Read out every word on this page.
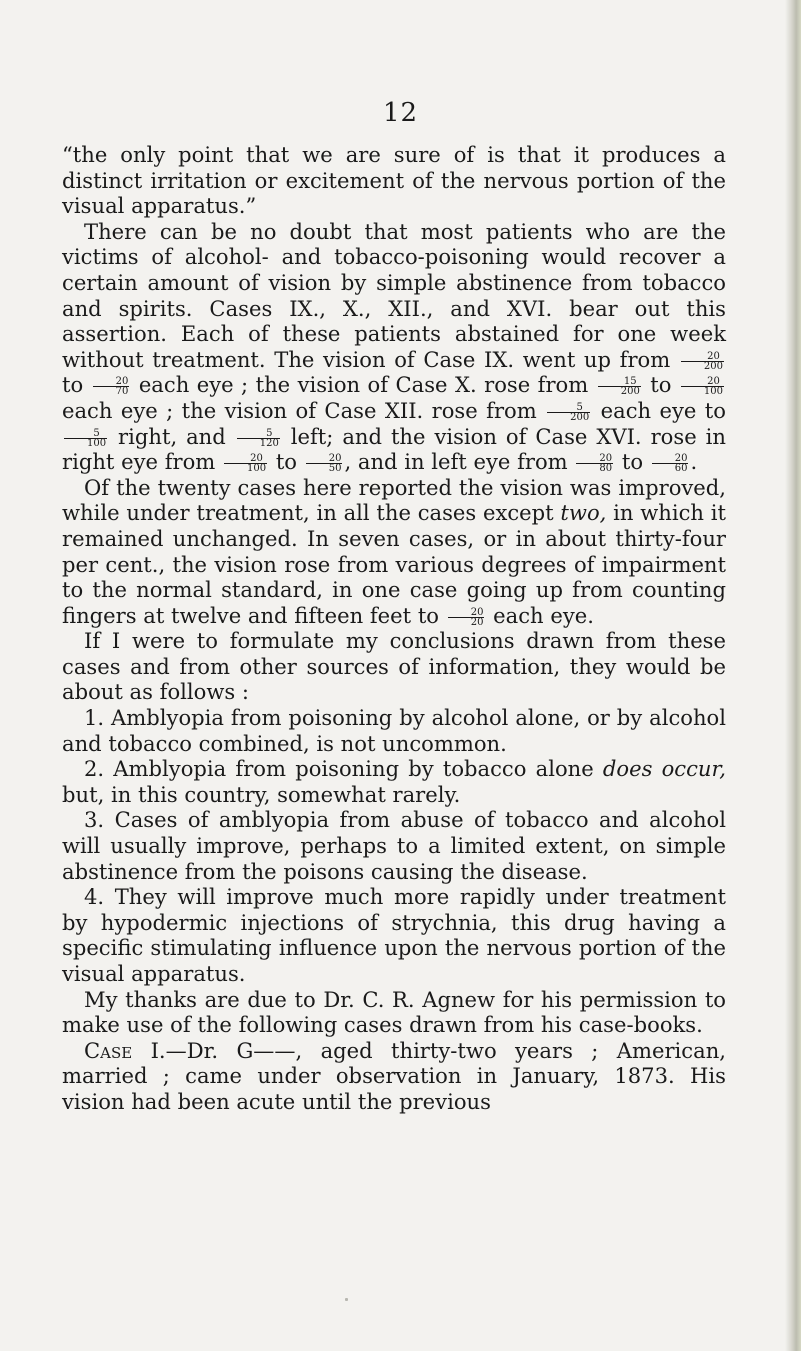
12

“the only point that we are sure of is that it produces a distinct irritation or excitement of the nervous portion of the visual apparatus.”

There can be no doubt that most patients who are the victims of alcohol- and tobacco-poisoning would recover a certain amount of vision by simple abstinence from tobacco and spirits. Cases IX., X., XII., and XVI. bear out this assertion. Each of these patients abstained for one week without treatment. The vision of Case IX. went up from $\frac{20}{200}$
to $\frac{20}{70}$ each eye ; the vision of Case X. rose from $\frac{15}{200}$ to $\frac{20}{100}$
each eye ; the vision of Case XII. rose from $\frac{5}{200}$ each eye to
$\frac{5}{100}$ right, and $\frac{5}{120}$ left; and the vision of Case XVI. rose in right eye from $\frac{20}{100}$ to $\frac{20}{50}$ , and in left eye from $\frac{20}{80}$ to $\frac{20}{60}$ .

Of the twenty cases here reported the vision was improved, while under treatment, in all the cases except two, in which it remained unchanged. In seven cases, or in about thirty-four per cent., the vision rose from various degrees of impairment to the normal standard, in one case going up from counting fingers at twelve and fifteen feet to $\frac{20}{20}$ each eye.

If I were to formulate my conclusions drawn from these cases and from other sources of information, they would be about as follows :

1. Amblyopia from poisoning by alcohol alone, or by alcohol and tobacco combined, is not uncommon.

2. Amblyopia from poisoning by tobacco alone does occur, but, in this country, somewhat rarely.

3. Cases of amblyopia from abuse of tobacco and alcohol will usually improve, perhaps to a limited extent, on simple abstinence from the poisons causing the disease.

4. They will improve much more rapidly under treatment by hypodermic injections of strychnia, this drug having a specific stimulating influence upon the nervous portion of the visual apparatus.

My thanks are due to Dr. C. R. Agnew for his permission to make use of the following cases drawn from his case-books.

Case I.—Dr. G——, aged thirty-two years ; American, married ; came under observation in January, 1873. His vision had been acute until the previous
